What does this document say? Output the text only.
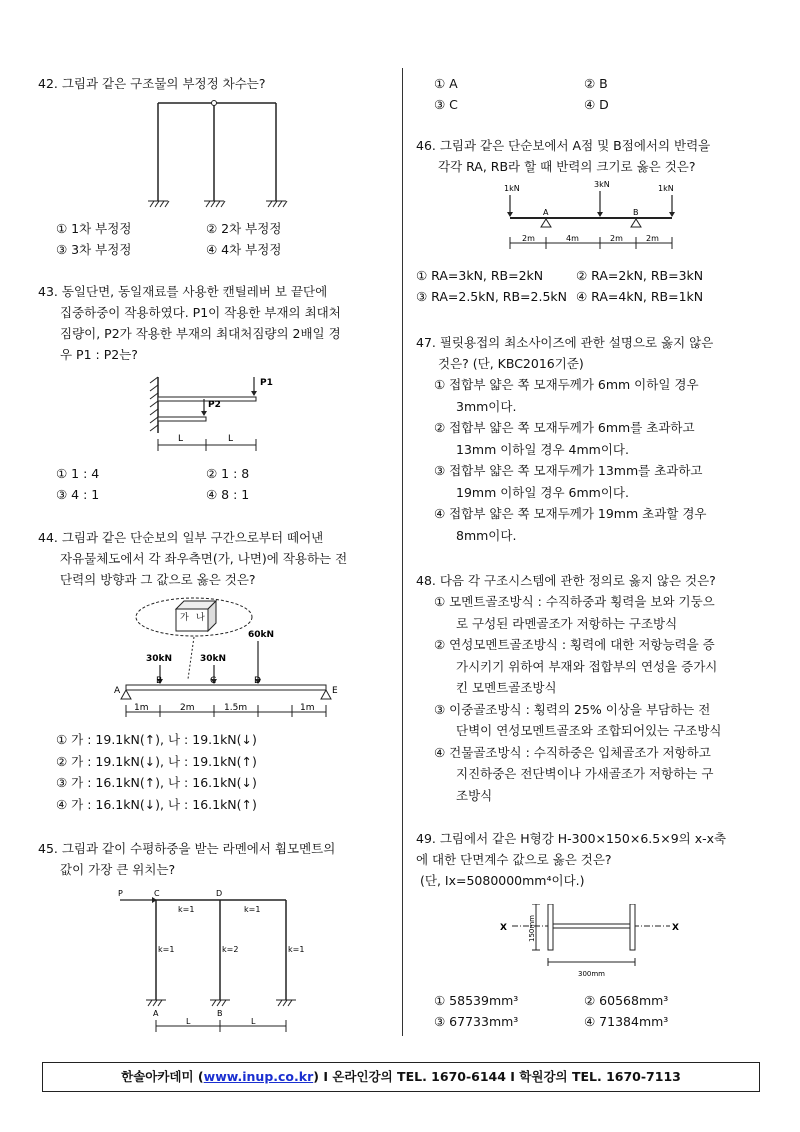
42. 그림과 같은 구조물의 부정정 차수는?
① 1차 부정정	② 2차 부정정
③ 3차 부정정	④ 4차 부정정
43. 동일단면, 동일재료를 사용한 캔틸레버 보 끝단에
집중하중이 작용하였다. P1이 작용한 부재의 최대처
짐량이, P2가 작용한 부재의 최대처짐량의 2배일 경
우 P1 : P2는?
P1
P2
L	L
① 1 : 4	② 1 : 8
③ 4 : 1	④ 8 : 1
44. 그림과 같은 단순보의 일부 구간으로부터 떼어낸
자유물체도에서 각 좌우측면(가, 나면)에 작용하는 전
단력의 방향과 그 값으로 옳은 것은?
가 나
60kN
30kN	30kN
A
B	C	D
E
1m	2m	1.5m	1m
① 가 : 19.1kN(↑), 나 : 19.1kN(↓)
② 가 : 19.1kN(↓), 나 : 19.1kN(↑)
③ 가 : 16.1kN(↑), 나 : 16.1kN(↓)
④ 가 : 16.1kN(↓), 나 : 16.1kN(↑)
45. 그림과 같이 수평하중을 받는 라멘에서 휨모멘트의
값이 가장 큰 위치는?
P	C	D
k=1	k=1
k=1	k=2	k=1
A	B
L	L
① A	② B
③ C	④ D
46. 그림과 같은 단순보에서 A점 및 B점에서의 반력을
각각 RA, RB라 할 때 반력의 크기로 옳은 것은?
1kN	3kN	1kN
A	B
2m	4m	2m	2m
① RA=3kN, RB=2kN	② RA=2kN, RB=3kN
③ RA=2.5kN, RB=2.5kN ④ RA=4kN, RB=1kN
47. 필릿용접의 최소사이즈에 관한 설명으로 옳지 않은
것은? (단, KBC2016기준)
① 접합부 얇은 쪽 모재두께가 6mm 이하일 경우
3mm이다.
② 접합부 얇은 쪽 모재두께가 6mm를 초과하고
13mm 이하일 경우 4mm이다.
③ 접합부 얇은 쪽 모재두께가 13mm를 초과하고
19mm 이하일 경우 6mm이다.
④ 접합부 얇은 쪽 모재두께가 19mm 초과할 경우
8mm이다.
48. 다음 각 구조시스템에 관한 정의로 옳지 않은 것은?
① 모멘트골조방식 : 수직하중과 횡력을 보와 기둥으
로 구성된 라멘골조가 저항하는 구조방식
② 연성모멘트골조방식 : 횡력에 대한 저항능력을 증
가시키기 위하여 부재와 접합부의 연성을 증가시
킨 모멘트골조방식
③ 이중골조방식 : 횡력의 25% 이상을 부담하는 전
단벽이 연성모멘트골조와 조합되어있는 구조방식
④ 건물골조방식 : 수직하중은 입체골조가 저항하고
지진하중은 전단벽이나 가새골조가 저항하는 구
조방식
49. 그림에서 같은 H형강 H-300×150×6.5×9의 x-x축
에 대한 단면계수 값으로 옳은 것은?
(단, Ix=5080000mm⁴이다.)
X	X
150mm
300mm
① 58539mm³	② 60568mm³
③ 67733mm³	④ 71384mm³
한솔아카데미 (www.inup.co.kr) I 온라인강의 TEL. 1670-6144 I 학원강의 TEL. 1670-7113
